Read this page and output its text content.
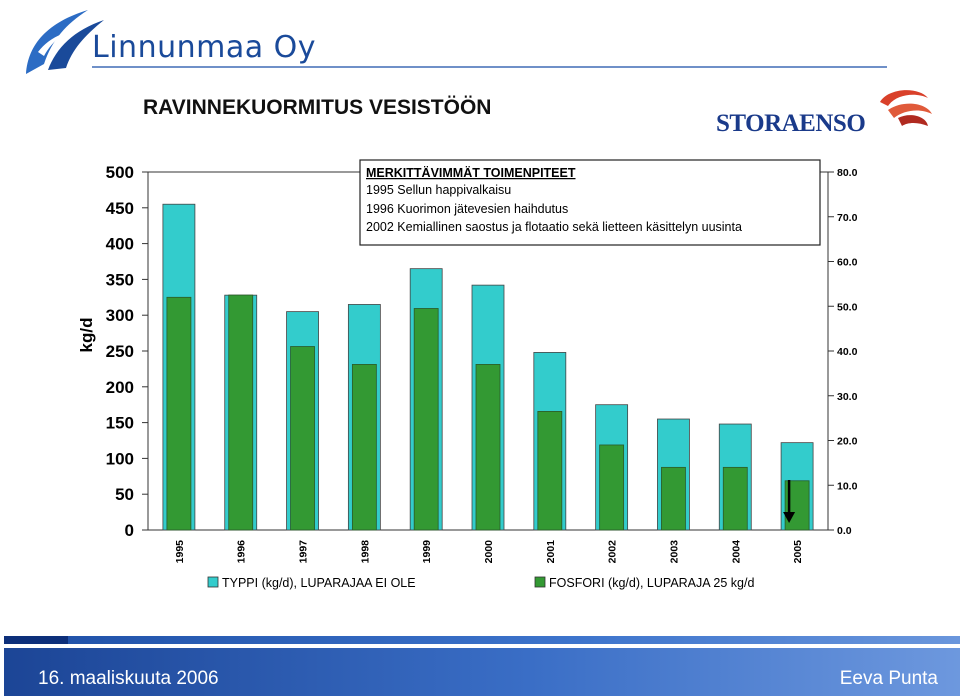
Linnunmaa Oy
RAVINNEKUORMITUS VESISTÖÖN
STORAENSO
kg/d
0
50
100
150
200
250
300
350
400
450
500
0.0
10.0
20.0
30.0
40.0
50.0
60.0
70.0
80.0
1995	1996	1997	1998	1999	2000	2001	2002	2003	2004	2005
MERKITTÄVIMMÄT TOIMENPITEET
1995 Sellun happivalkaisu
1996 Kuorimon jätevesien haihdutus
2002 Kemiallinen saostus ja flotaatio sekä lietteen käsittelyn uusinta
TYPPI (kg/d), LUPARAJAA EI OLE	FOSFORI (kg/d), LUPARAJA 25 kg/d
16. maaliskuuta 2006	Eeva Punta
